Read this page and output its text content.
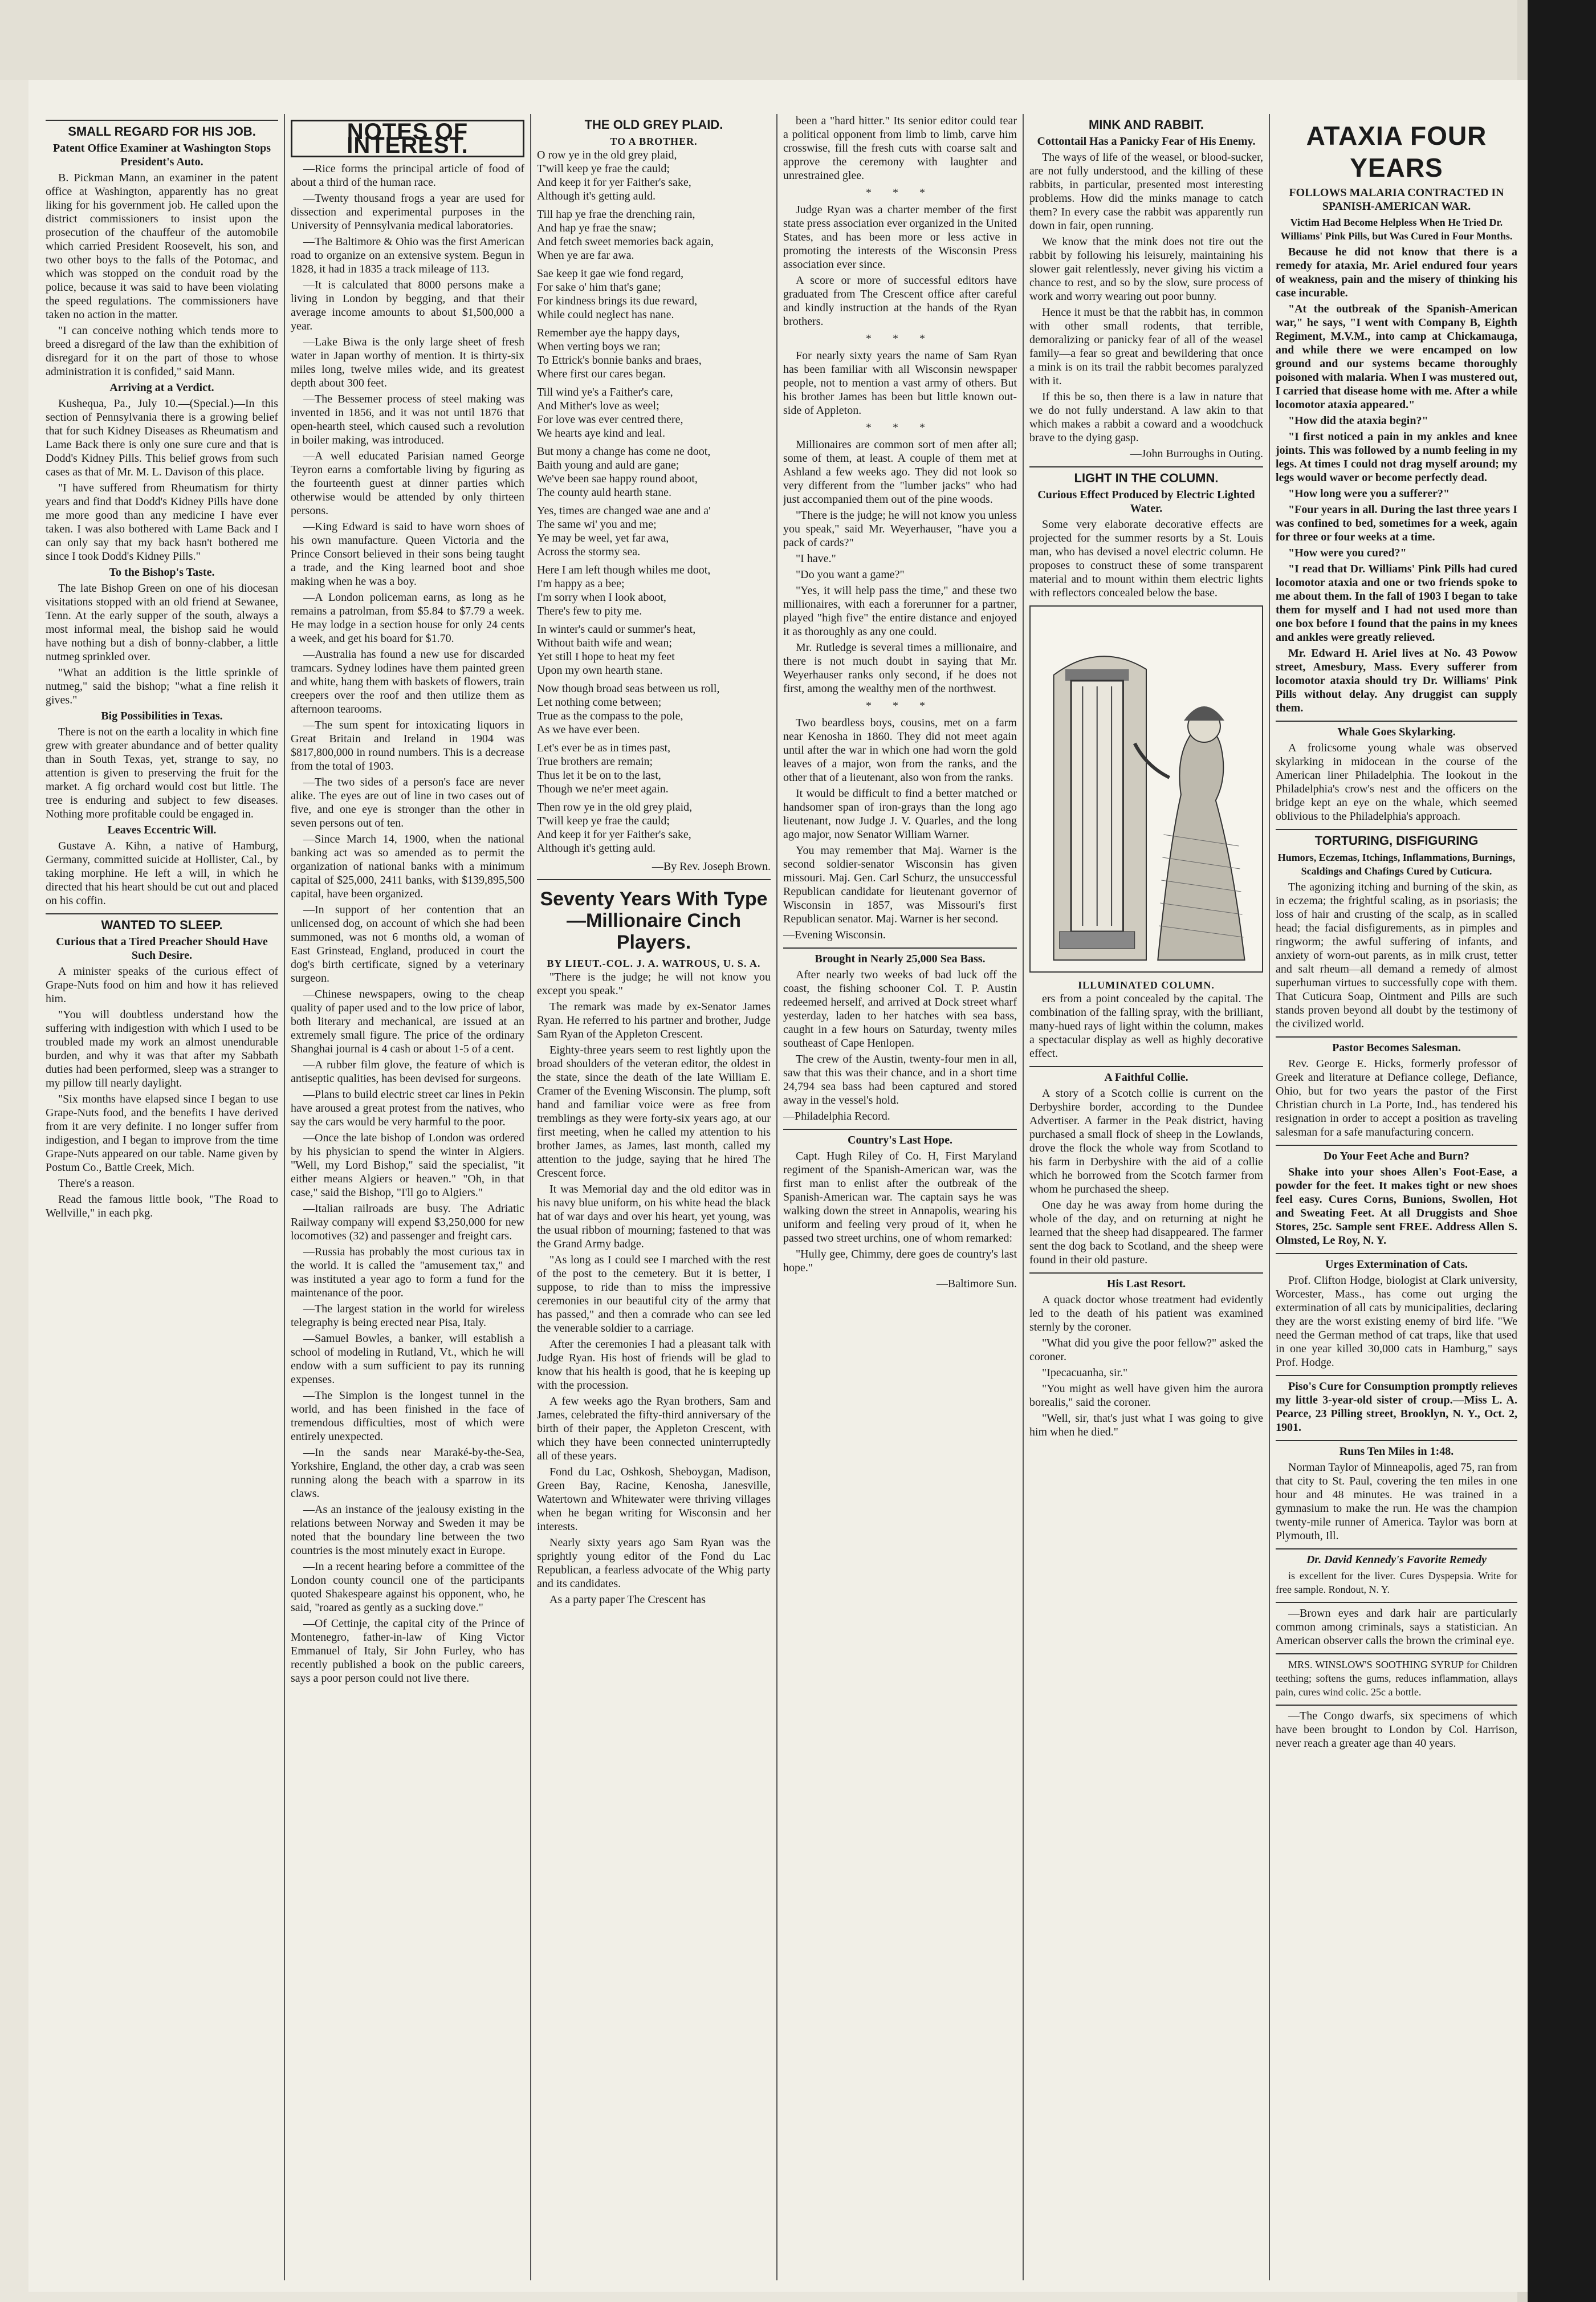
SMALL REGARD FOR HIS JOB.
Patent Office Examiner at Washington Stops President's Auto.

B. Pickman Mann, an examiner in the patent office at Washington, apparently has no great liking for his government job. He called upon the district commissioners to insist upon the prosecution of the chauffeur of the automobile which carried President Roosevelt, his son, and two other boys to the falls of the Potomac, and which was stopped on the conduit road by the police, because it was said to have been violating the speed regulations. The commissioners have taken no action in the matter.

"I can conceive nothing which tends more to breed a disregard of the law than the exhibition of disregard for it on the part of those to whose administration it is confided," said Mann.

Arriving at a Verdict.

Kushequa, Pa., July 10.—(Special.)—In this section of Pennsylvania there is a growing belief that for such Kidney Diseases as Rheumatism and Lame Back there is only one sure cure and that is Dodd's Kidney Pills. This belief grows from such cases as that of Mr. M. L. Davison of this place.

"I have suffered from Rheumatism for thirty years and find that Dodd's Kidney Pills have done me more good than any medicine I have ever taken. I was also bothered with Lame Back and I can only say that my back hasn't bothered me since I took Dodd's Kidney Pills."

To the Bishop's Taste.

The late Bishop Green on one of his diocesan visitations stopped with an old friend at Sewanee, Tenn. At the early supper of the south, always a most informal meal, the bishop said he would have nothing but a dish of bonny-clabber, a little nutmeg sprinkled over.

"What an addition is the little sprinkle of nutmeg," said the bishop; "what a fine relish it gives."

Big Possibilities in Texas.

There is not on the earth a locality in which fine grew with greater abundance and of better quality than in South Texas, yet, strange to say, no attention is given to preserving the fruit for the market. A fig orchard would cost but little. The tree is enduring and subject to few diseases. Nothing more profitable could be engaged in.

Leaves Eccentric Will.

Gustave A. Kihn, a native of Hamburg, Germany, committed suicide at Hollister, Cal., by taking morphine. He left a will, in which he directed that his heart should be cut out and placed on his coffin.

WANTED TO SLEEP.
Curious that a Tired Preacher Should Have Such Desire.

A minister speaks of the curious effect of Grape-Nuts food on him and how it has relieved him.

"You will doubtless understand how the suffering with indigestion with which I used to be troubled made my work an almost unendurable burden, and why it was that after my Sabbath duties had been performed, sleep was a stranger to my pillow till nearly daylight.

"Six months have elapsed since I began to use Grape-Nuts food, and the benefits I have derived from it are very definite. I no longer suffer from indigestion, and I began to improve from the time Grape-Nuts appeared on our table. Name given by Postum Co., Battle Creek, Mich.

There's a reason.

Read the famous little book, "The Road to Wellville," in each pkg.

NOTES OF INTEREST.

—Rice forms the principal article of food of about a third of the human race.

—Twenty thousand frogs a year are used for dissection and experimental purposes in the University of Pennsylvania medical laboratories.

—The Baltimore & Ohio was the first American road to organize on an extensive system. Begun in 1828, it had in 1835 a track mileage of 113.

—It is calculated that 8000 persons make a living in London by begging, and that their average income amounts to about $1,500,000 a year.

—Lake Biwa is the only large sheet of fresh water in Japan worthy of mention. It is thirty-six miles long, twelve miles wide, and its greatest depth about 300 feet.

—The Bessemer process of steel making was invented in 1856, and it was not until 1876 that open-hearth steel, which caused such a revolution in boiler making, was introduced.

—A well educated Parisian named George Teyron earns a comfortable living by figuring as the fourteenth guest at dinner parties which otherwise would be attended by only thirteen persons.

—King Edward is said to have worn shoes of his own manufacture. Queen Victoria and the Prince Consort believed in their sons being taught a trade, and the King learned boot and shoe making when he was a boy.

—A London policeman earns, as long as he remains a patrolman, from $5.84 to $7.79 a week. He may lodge in a section house for only 24 cents a week, and get his board for $1.70.

—Australia has found a new use for discarded tramcars. Sydney lodines have them painted green and white, hang them with baskets of flowers, train creepers over the roof and then utilize them as afternoon tearooms.

—The sum spent for intoxicating liquors in Great Britain and Ireland in 1904 was $817,800,000 in round numbers. This is a decrease from the total of 1903.

—The two sides of a person's face are never alike. The eyes are out of line in two cases out of five, and one eye is stronger than the other in seven persons out of ten.

—Since March 14, 1900, when the national banking act was so amended as to permit the organization of national banks with a minimum capital of $25,000, 2411 banks, with $139,895,500 capital, have been organized.

—In support of her contention that an unlicensed dog, on account of which she had been summoned, was not 6 months old, a woman of East Grinstead, England, produced in court the dog's birth certificate, signed by a veterinary surgeon.

—Chinese newspapers, owing to the cheap quality of paper used and to the low price of labor, both literary and mechanical, are issued at an extremely small figure. The price of the ordinary Shanghai journal is 4 cash or about 1-5 of a cent.

—A rubber film glove, the feature of which is antiseptic qualities, has been devised for surgeons.

—Plans to build electric street car lines in Pekin have aroused a great protest from the natives, who say the cars would be very harmful to the poor.

—Once the late bishop of London was ordered by his physician to spend the winter in Algiers. "Well, my Lord Bishop," said the specialist, "it either means Algiers or heaven." "Oh, in that case," said the Bishop, "I'll go to Algiers."

—Italian railroads are busy. The Adriatic Railway company will expend $3,250,000 for new locomotives (32) and passenger and freight cars.

—Russia has probably the most curious tax in the world. It is called the "amusement tax," and was instituted a year ago to form a fund for the maintenance of the poor.

—The largest station in the world for wireless telegraphy is being erected near Pisa, Italy.

—Samuel Bowles, a banker, will establish a school of modeling in Rutland, Vt., which he will endow with a sum sufficient to pay its running expenses.

—The Simplon is the longest tunnel in the world, and has been finished in the face of tremendous difficulties, most of which were entirely unexpected.

—In the sands near Maraké-by-the-Sea, Yorkshire, England, the other day, a crab was seen running along the beach with a sparrow in its claws.

—As an instance of the jealousy existing in the relations between Norway and Sweden it may be noted that the boundary line between the two countries is the most minutely exact in Europe.

—In a recent hearing before a committee of the London county council one of the participants quoted Shakespeare against his opponent, who, he said, "roared as gently as a sucking dove."

—Of Cettinje, the capital city of the Prince of Montenegro, father-in-law of King Victor Emmanuel of Italy, Sir John Furley, who has recently published a book on the public careers, says a poor person could not live there.

THE OLD GREY PLAID.
TO A BROTHER.
O row ye in the old grey plaid,
T'will keep ye frae the cauld;
And keep it for yer Faither's sake,
Although it's getting auld.
Till hap ye frae the drenching rain,
And hap ye frae the snaw;
And fetch sweet memories back again,
When ye are far awa.
Sae keep it gae wie fond regard,
For sake o' him that's gane;
For kindness brings its due reward,
While could neglect has nane.
Remember aye the happy days,
When verting boys we ran;
To Ettrick's bonnie banks and braes,
Where first our cares began.
Till wind ye's a Faither's care,
And Mither's love as weel;
For love was ever centred there,
We hearts aye kind and leal.
But mony a change has come ne doot,
Baith young and auld are gane;
We've been sae happy round aboot,
The county auld hearth stane.
Yes, times are changed wae ane and a'
The same wi' you and me;
Ye may be weel, yet far awa,
Across the stormy sea.
Here I am left though whiles me doot,
I'm happy as a bee;
I'm sorry when I look aboot,
There's few to pity me.
In winter's cauld or summer's heat,
Without baith wife and wean;
Yet still I hope to heat my feet
Upon my own hearth stane.
Now though broad seas between us roll,
Let nothing come between;
True as the compass to the pole,
As we have ever been.
Let's ever be as in times past,
True brothers are remain;
Thus let it be on to the last,
Though we ne'er meet again.
Then row ye in the old grey plaid,
T'will keep ye frae the cauld;
And keep it for yer Faither's sake,
Although it's getting auld.
—By Rev. Joseph Brown.
Seventy Years With Type—Millionaire Cinch Players.
BY LIEUT.-COL. J. A. WATROUS, U. S. A.

"There is the judge; he will not know you except you speak."

The remark was made by ex-Senator James Ryan. He referred to his partner and brother, Judge Sam Ryan of the Appleton Crescent.

Eighty-three years seem to rest lightly upon the broad shoulders of the veteran editor, the oldest in the state, since the death of the late William E. Cramer of the Evening Wisconsin. The plump, soft hand and familiar voice were as free from tremblings as they were forty-six years ago, at our first meeting, when he called my attention to his brother James, as James, last month, called my attention to the judge, saying that he hired The Crescent force.

It was Memorial day and the old editor was in his navy blue uniform, on his white head the black hat of war days and over his heart, yet young, was the usual ribbon of mourning; fastened to that was the Grand Army badge.

"As long as I could see I marched with the rest of the post to the cemetery. But it is better, I suppose, to ride than to miss the impressive ceremonies in our beautiful city of the army that has passed," and then a comrade who can see led the venerable soldier to a carriage.

After the ceremonies I had a pleasant talk with Judge Ryan. His host of friends will be glad to know that his health is good, that he is keeping up with the procession.

A few weeks ago the Ryan brothers, Sam and James, celebrated the fifty-third anniversary of the birth of their paper, the Appleton Crescent, with which they have been connected uninterruptedly all of these years.

Fond du Lac, Oshkosh, Sheboygan, Madison, Green Bay, Racine, Kenosha, Janesville, Watertown and Whitewater were thriving villages when he began writing for Wisconsin and her interests.

Nearly sixty years ago Sam Ryan was the sprightly young editor of the Fond du Lac Republican, a fearless advocate of the Whig party and its candidates.

As a party paper The Crescent has

been a "hard hitter." Its senior editor could tear a political opponent from limb to limb, carve him crosswise, fill the fresh cuts with coarse salt and approve the ceremony with laughter and unrestrained glee.

* * *

Judge Ryan was a charter member of the first state press association ever organized in the United States, and has been more or less active in promoting the interests of the Wisconsin Press association ever since.

A score or more of successful editors have graduated from The Crescent office after careful and kindly instruction at the hands of the Ryan brothers.

* * *

For nearly sixty years the name of Sam Ryan has been familiar with all Wisconsin newspaper people, not to mention a vast army of others. But his brother James has been but little known out-side of Appleton.

* * *

Millionaires are common sort of men after all; some of them, at least. A couple of them met at Ashland a few weeks ago. They did not look so very different from the "lumber jacks" who had just accompanied them out of the pine woods.

"There is the judge; he will not know you unless you speak," said Mr. Weyerhauser, "have you a pack of cards?"

"I have."

"Do you want a game?"

"Yes, it will help pass the time," and these two millionaires, with each a forerunner for a partner, played "high five" the entire distance and enjoyed it as thoroughly as any one could.

Mr. Rutledge is several times a millionaire, and there is not much doubt in saying that Mr. Weyerhauser ranks only second, if he does not first, among the wealthy men of the northwest.

* * *

Two beardless boys, cousins, met on a farm near Kenosha in 1860. They did not meet again until after the war in which one had worn the gold leaves of a major, won from the ranks, and the other that of a lieutenant, also won from the ranks.

It would be difficult to find a better matched or handsomer span of iron-grays than the long ago lieutenant, now Judge J. V. Quarles, and the long ago major, now Senator William Warner.

You may remember that Maj. Warner is the second soldier-senator Wisconsin has given missouri. Maj. Gen. Carl Schurz, the unsuccessful Republican candidate for lieutenant governor of Wisconsin in 1857, was Missouri's first Republican senator. Maj. Warner is her second.

—Evening Wisconsin.
Brought in Nearly 25,000 Sea Bass.

After nearly two weeks of bad luck off the coast, the fishing schooner Col. T. P. Austin redeemed herself, and arrived at Dock street wharf yesterday, laden to her hatches with sea bass, caught in a few hours on Saturday, twenty miles southeast of Cape Henlopen.

The crew of the Austin, twenty-four men in all, saw that this was their chance, and in a short time 24,794 sea bass had been captured and stored away in the vessel's hold.

—Philadelphia Record.
Country's Last Hope.

Capt. Hugh Riley of Co. H, First Maryland regiment of the Spanish-American war, was the first man to enlist after the outbreak of the Spanish-American war. The captain says he was walking down the street in Annapolis, wearing his uniform and feeling very proud of it, when he passed two street urchins, one of whom remarked:

"Hully gee, Chimmy, dere goes de country's last hope."

—Baltimore Sun.
MINK AND RABBIT.
Cottontail Has a Panicky Fear of His Enemy.

The ways of life of the weasel, or blood-sucker, are not fully understood, and the killing of these rabbits, in particular, presented most interesting problems. How did the minks manage to catch them? In every case the rabbit was apparently run down in fair, open running.

We know that the mink does not tire out the rabbit by following his leisurely, maintaining his slower gait relentlessly, never giving his victim a chance to rest, and so by the slow, sure process of work and worry wearing out poor bunny.

Hence it must be that the rabbit has, in common with other small rodents, that terrible, demoralizing or panicky fear of all of the weasel family—a fear so great and bewildering that once a mink is on its trail the rabbit becomes paralyzed with it.

If this be so, then there is a law in nature that we do not fully understand. A law akin to that which makes a rabbit a coward and a woodchuck brave to the dying gasp.

—John Burroughs in Outing.
LIGHT IN THE COLUMN.
Curious Effect Produced by Electric Lighted Water.

Some very elaborate decorative effects are projected for the summer resorts by a St. Louis man, who has devised a novel electric column. He proposes to construct these of some transparent material and to mount within them electric lights with reflectors concealed below the base.

ILLUMINATED COLUMN.

ers from a point concealed by the capital. The combination of the falling spray, with the brilliant, many-hued rays of light within the column, makes a spectacular display as well as highly decorative effect.

A Faithful Collie.

A story of a Scotch collie is current on the Derbyshire border, according to the Dundee Advertiser. A farmer in the Peak district, having purchased a small flock of sheep in the Lowlands, drove the flock the whole way from Scotland to his farm in Derbyshire with the aid of a collie which he borrowed from the Scotch farmer from whom he purchased the sheep.

One day he was away from home during the whole of the day, and on returning at night he learned that the sheep had disappeared. The farmer sent the dog back to Scotland, and the sheep were found in their old pasture.

His Last Resort.

A quack doctor whose treatment had evidently led to the death of his patient was examined sternly by the coroner.

"What did you give the poor fellow?" asked the coroner.

"Ipecacuanha, sir."

"You might as well have given him the aurora borealis," said the coroner.

"Well, sir, that's just what I was going to give him when he died."

ATAXIA FOUR YEARS
FOLLOWS MALARIA CONTRACTED IN SPANISH-AMERICAN WAR.
Victim Had Become Helpless When He Tried Dr. Williams' Pink Pills, but Was Cured in Four Months.

Because he did not know that there is a remedy for ataxia, Mr. Ariel endured four years of weakness, pain and the misery of thinking his case incurable.

"At the outbreak of the Spanish-American war," he says, "I went with Company B, Eighth Regiment, M.V.M., into camp at Chickamauga, and while there we were encamped on low ground and our systems became thoroughly poisoned with malaria. When I was mustered out, I carried that disease home with me. After a while locomotor ataxia appeared."

"How did the ataxia begin?"

"I first noticed a pain in my ankles and knee joints. This was followed by a numb feeling in my legs. At times I could not drag myself around; my legs would waver or become perfectly dead.

"How long were you a sufferer?"

"Four years in all. During the last three years I was confined to bed, sometimes for a week, again for three or four weeks at a time.

"How were you cured?"

"I read that Dr. Williams' Pink Pills had cured locomotor ataxia and one or two friends spoke to me about them. In the fall of 1903 I began to take them for myself and I had not used more than one box before I found that the pains in my knees and ankles were greatly relieved.

Mr. Edward H. Ariel lives at No. 43 Powow street, Amesbury, Mass. Every sufferer from locomotor ataxia should try Dr. Williams' Pink Pills without delay. Any druggist can supply them.

Whale Goes Skylarking.

A frolicsome young whale was observed skylarking in midocean in the course of the American liner Philadelphia. The lookout in the Philadelphia's crow's nest and the officers on the bridge kept an eye on the whale, which seemed oblivious to the Philadelphia's approach.

TORTURING, DISFIGURING
Humors, Eczemas, Itchings, Inflammations, Burnings, Scaldings and Chafings Cured by Cuticura.

The agonizing itching and burning of the skin, as in eczema; the frightful scaling, as in psoriasis; the loss of hair and crusting of the scalp, as in scalled head; the facial disfigurements, as in pimples and ringworm; the awful suffering of infants, and anxiety of worn-out parents, as in milk crust, tetter and salt rheum—all demand a remedy of almost superhuman virtues to successfully cope with them. That Cuticura Soap, Ointment and Pills are such stands proven beyond all doubt by the testimony of the civilized world.

Pastor Becomes Salesman.

Rev. George E. Hicks, formerly professor of Greek and literature at Defiance college, Defiance, Ohio, but for two years the pastor of the First Christian church in La Porte, Ind., has tendered his resignation in order to accept a position as traveling salesman for a safe manufacturing concern.

Do Your Feet Ache and Burn?

Shake into your shoes Allen's Foot-Ease, a powder for the feet. It makes tight or new shoes feel easy. Cures Corns, Bunions, Swollen, Hot and Sweating Feet. At all Druggists and Shoe Stores, 25c. Sample sent FREE. Address Allen S. Olmsted, Le Roy, N. Y.

Urges Extermination of Cats.

Prof. Clifton Hodge, biologist at Clark university, Worcester, Mass., has come out urging the extermination of all cats by municipalities, declaring they are the worst existing enemy of bird life. "We need the German method of cat traps, like that used in one year killed 30,000 cats in Hamburg," says Prof. Hodge.

Piso's Cure for Consumption promptly relieves my little 3-year-old sister of croup.—Miss L. A. Pearce, 23 Pilling street, Brooklyn, N. Y., Oct. 2, 1901.

Runs Ten Miles in 1:48.

Norman Taylor of Minneapolis, aged 75, ran from that city to St. Paul, covering the ten miles in one hour and 48 minutes. He was trained in a gymnasium to make the run. He was the champion twenty-mile runner of America. Taylor was born at Plymouth, Ill.

Dr. David Kennedy's Favorite Remedy

is excellent for the liver. Cures Dyspepsia. Write for free sample. Rondout, N. Y.

—Brown eyes and dark hair are particularly common among criminals, says a statistician. An American observer calls the brown the criminal eye.

MRS. WINSLOW'S SOOTHING SYRUP for Children teething; softens the gums, reduces inflammation, allays pain, cures wind colic. 25c a bottle.

—The Congo dwarfs, six specimens of which have been brought to London by Col. Harrison, never reach a greater age than 40 years.
